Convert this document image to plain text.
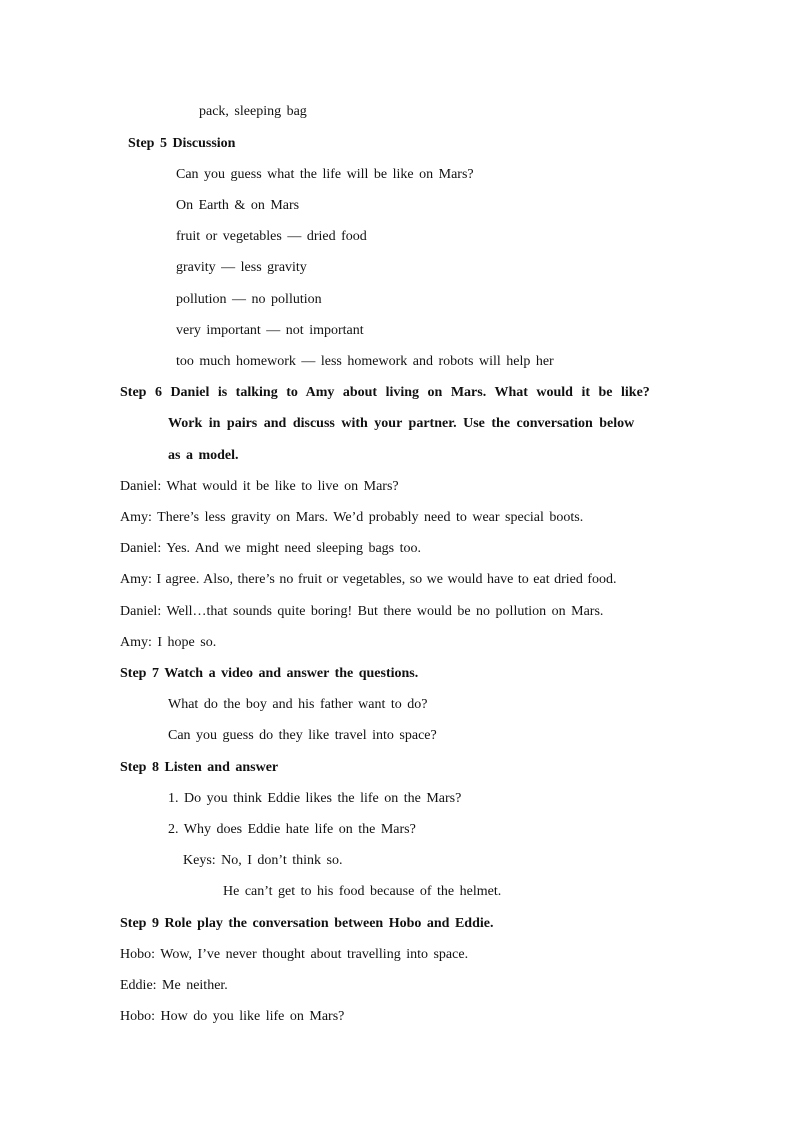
pack, sleeping bag
Step 5 Discussion
Can you guess what the life will be like on Mars?
On Earth & on Mars
fruit or vegetables — dried food
gravity — less gravity
pollution — no pollution
very important — not important
too much homework — less homework and robots will help her
Step 6 Daniel is talking to Amy about living on Mars. What would it be like?
Work in pairs and discuss with your partner. Use the conversation below
as a model.
Daniel: What would it be like to live on Mars?
Amy: There’s less gravity on Mars. We’d probably need to wear special boots.
Daniel: Yes. And we might need sleeping bags too.
Amy: I agree. Also, there’s no fruit or vegetables, so we would have to eat dried food.
Daniel: Well…that sounds quite boring! But there would be no pollution on Mars.
Amy: I hope so.
Step 7 Watch a video and answer the questions.
What do the boy and his father want to do?
Can you guess do they like travel into space?
Step 8 Listen and answer
1. Do you think Eddie likes the life on the Mars?
2. Why does Eddie hate life on the Mars?
Keys: No, I don’t think so.
He can’t get to his food because of the helmet.
Step 9 Role play the conversation between Hobo and Eddie.
Hobo: Wow, I’ve never thought about travelling into space.
Eddie: Me neither.
Hobo: How do you like life on Mars?
